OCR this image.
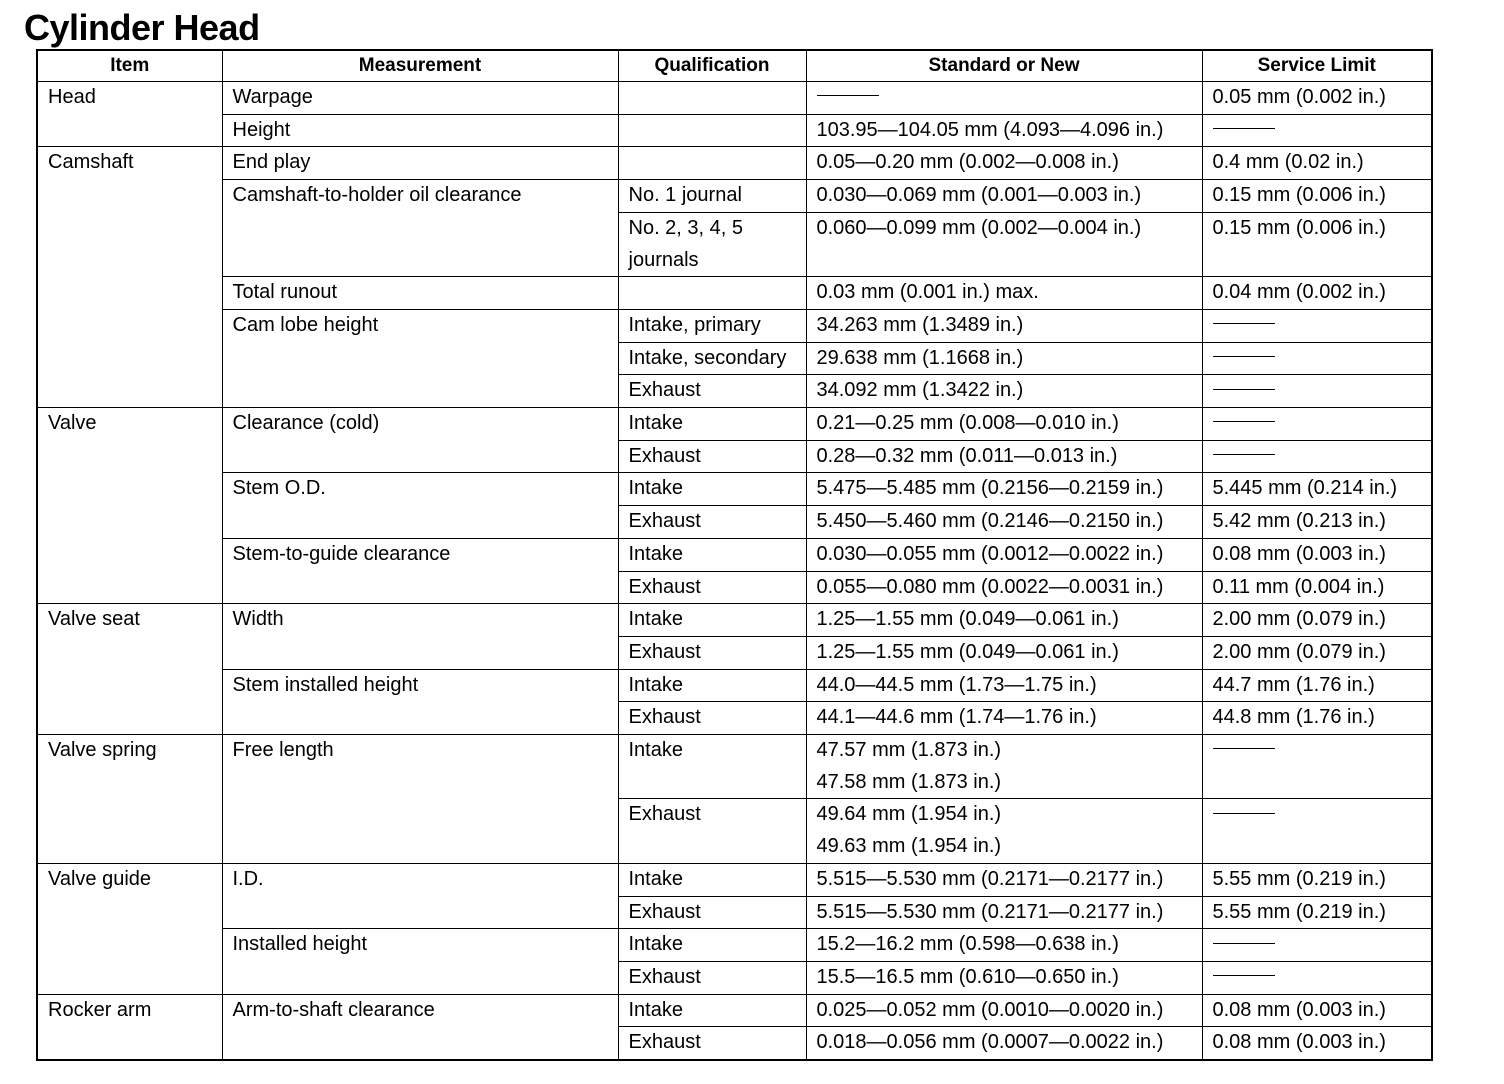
Cylinder Head
Item	Measurement	Qualification	Standard or New	Service Limit
Head	Warpage			0.05 mm (0.002 in.)
	Height		103.95—104.05 mm (4.093—4.096 in.)	
Camshaft	End play		0.05—0.20 mm (0.002—0.008 in.)	0.4 mm (0.02 in.)
	Camshaft-to-holder oil clearance	No. 1 journal	0.030—0.069 mm (0.001—0.003 in.)	0.15 mm (0.006 in.)
		No. 2, 3, 4, 5 journals	0.060—0.099 mm (0.002—0.004 in.)	0.15 mm (0.006 in.)
	Total runout		0.03 mm (0.001 in.) max.	0.04 mm (0.002 in.)
	Cam lobe height	Intake, primary	34.263 mm (1.3489 in.)	
		Intake, secondary	29.638 mm (1.1668 in.)	
		Exhaust	34.092 mm (1.3422 in.)	
Valve	Clearance (cold)	Intake	0.21—0.25 mm (0.008—0.010 in.)	
		Exhaust	0.28—0.32 mm (0.011—0.013 in.)	
	Stem O.D.	Intake	5.475—5.485 mm (0.2156—0.2159 in.)	5.445 mm (0.214 in.)
		Exhaust	5.450—5.460 mm (0.2146—0.2150 in.)	5.42 mm (0.213 in.)
	Stem-to-guide clearance	Intake	0.030—0.055 mm (0.0012—0.0022 in.)	0.08 mm (0.003 in.)
		Exhaust	0.055—0.080 mm (0.0022—0.0031 in.)	0.11 mm (0.004 in.)
Valve seat	Width	Intake	1.25—1.55 mm (0.049—0.061 in.)	2.00 mm (0.079 in.)
		Exhaust	1.25—1.55 mm (0.049—0.061 in.)	2.00 mm (0.079 in.)
	Stem installed height	Intake	44.0—44.5 mm (1.73—1.75 in.)	44.7 mm (1.76 in.)
		Exhaust	44.1—44.6 mm (1.74—1.76 in.)	44.8 mm (1.76 in.)
Valve spring	Free length	Intake	47.57 mm (1.873 in.)
47.58 mm (1.873 in.)	

		Exhaust	49.64 mm (1.954 in.)
49.63 mm (1.954 in.)	

Valve guide	I.D.	Intake	5.515—5.530 mm (0.2171—0.2177 in.)	5.55 mm (0.219 in.)
		Exhaust	5.515—5.530 mm (0.2171—0.2177 in.)	5.55 mm (0.219 in.)
	Installed height	Intake	15.2—16.2 mm (0.598—0.638 in.)	
		Exhaust	15.5—16.5 mm (0.610—0.650 in.)	
Rocker arm	Arm-to-shaft clearance	Intake	0.025—0.052 mm (0.0010—0.0020 in.)	0.08 mm (0.003 in.)
		Exhaust	0.018—0.056 mm (0.0007—0.0022 in.)	0.08 mm (0.003 in.)
